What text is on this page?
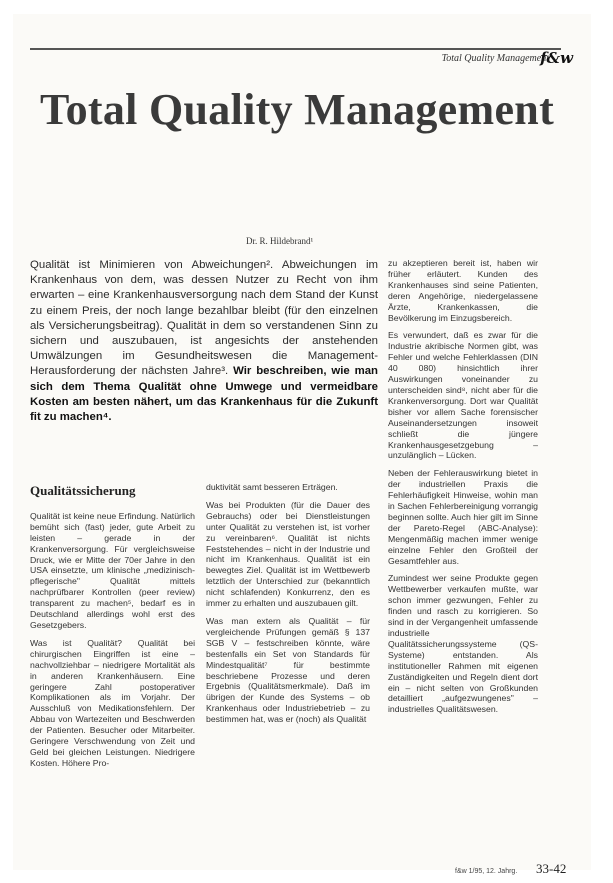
Total Quality Management
f&w
Total Quality Management
Dr. R. Hildebrand¹
Qualität ist Minimieren von Abweichungen². Abweichungen im Krankenhaus von dem, was dessen Nutzer zu Recht von ihm erwarten – eine Krankenhausversorgung nach dem Stand der Kunst zu einem Preis, der noch lange bezahlbar bleibt (für den einzelnen als Versicherungsbeitrag). Qualität in dem so verstandenen Sinn zu sichern und auszubauen, ist angesichts der anstehenden Umwälzungen im Gesundheitswesen die Management-Herausforderung der nächsten Jahre³. Wir beschreiben, wie man sich dem Thema Qualität ohne Umwege und vermeidbare Kosten am besten nähert, um das Krankenhaus für die Zukunft fit zu machen⁴.

Qualitätssicherung

Qualität ist keine neue Erfindung. Natürlich bemüht sich (fast) jeder, gute Arbeit zu leisten – gerade in der Krankenversorgung. Für vergleichsweise Druck, wie er Mitte der 70er Jahre in den USA einsetzte, um klinische „medizinisch-pflegerische" Qualität mittels nachprüfbarer Kontrollen (peer review) transparent zu machen⁵, bedarf es in Deutschland allerdings wohl erst des Gesetzgebers.

Was ist Qualität? Qualität bei chirurgischen Eingriffen ist eine – nachvollziehbar – niedrigere Mortalität als in anderen Krankenhäusern. Eine geringere Zahl postoperativer Komplikationen als im Vorjahr. Der Ausschluß von Medikationsfehlern. Der Abbau von Wartezeiten und Beschwerden der Patienten. Besucher oder Mitarbeiter. Geringere Verschwendung von Zeit und Geld bei gleichen Leistungen. Niedrigere Kosten. Höhere Pro-

duktivität samt besseren Erträgen.

Was bei Produkten (für die Dauer des Gebrauchs) oder bei Dienstleistungen unter Qualität zu verstehen ist, ist vorher zu vereinbaren⁶. Qualität ist nichts Feststehendes – nicht in der Industrie und nicht im Krankenhaus. Qualität ist ein bewegtes Ziel. Qualität ist im Wettbewerb letztlich der Unterschied zur (bekanntlich nicht schlafenden) Konkurrenz, den es immer zu erhalten und auszubauen gilt.

Was man extern als Qualität – für vergleichende Prüfungen gemäß § 137 SGB V – festschreiben könnte, wäre bestenfalls ein Set von Standards für Mindestqualität⁷ für bestimmte beschriebene Prozesse und deren Ergebnis (Qualitätsmerkmale). Daß im übrigen der Kunde des Systems – ob Krankenhaus oder Industriebetrieb – zu bestimmen hat, was er (noch) als Qualität

zu akzeptieren bereit ist, haben wir früher erläutert. Kunden des Krankenhauses sind seine Patienten, deren Angehörige, niedergelassene Ärzte, Krankenkassen, die Bevölkerung im Einzugsbereich.

Es verwundert, daß es zwar für die Industrie akribische Normen gibt, was Fehler und welche Fehlerklassen (DIN 40 080) hinsichtlich ihrer Auswirkungen voneinander zu unterscheiden sind⁸, nicht aber für die Krankenversorgung. Dort war Qualität bisher vor allem Sache forensischer Auseinandersetzungen insoweit schließt die jüngere Krankenhausgesetzgebung – unzulänglich – Lücken.

Neben der Fehlerauswirkung bietet in der industriellen Praxis die Fehlerhäufigkeit Hinweise, wohin man in Sachen Fehlerbereinigung vorrangig beginnen sollte. Auch hier gilt im Sinne der Pareto-Regel (ABC-Analyse): Mengenmäßig machen immer wenige einzelne Fehler den Großteil der Gesamtfehler aus.

Zumindest wer seine Produkte gegen Wettbewerber verkaufen mußte, war schon immer gezwungen, Fehler zu finden und rasch zu korrigieren. So sind in der Vergangenheit umfassende industrielle Qualitätssicherungssysteme (QS-Systeme) entstanden. Als institutioneller Rahmen mit eigenen Zuständigkeiten und Regeln dient dort ein – nicht selten von Großkunden detailliert „aufgezwungenes" – industrielles Qualitätswesen.

f&w 1/95, 12. Jahrg. 33-42
